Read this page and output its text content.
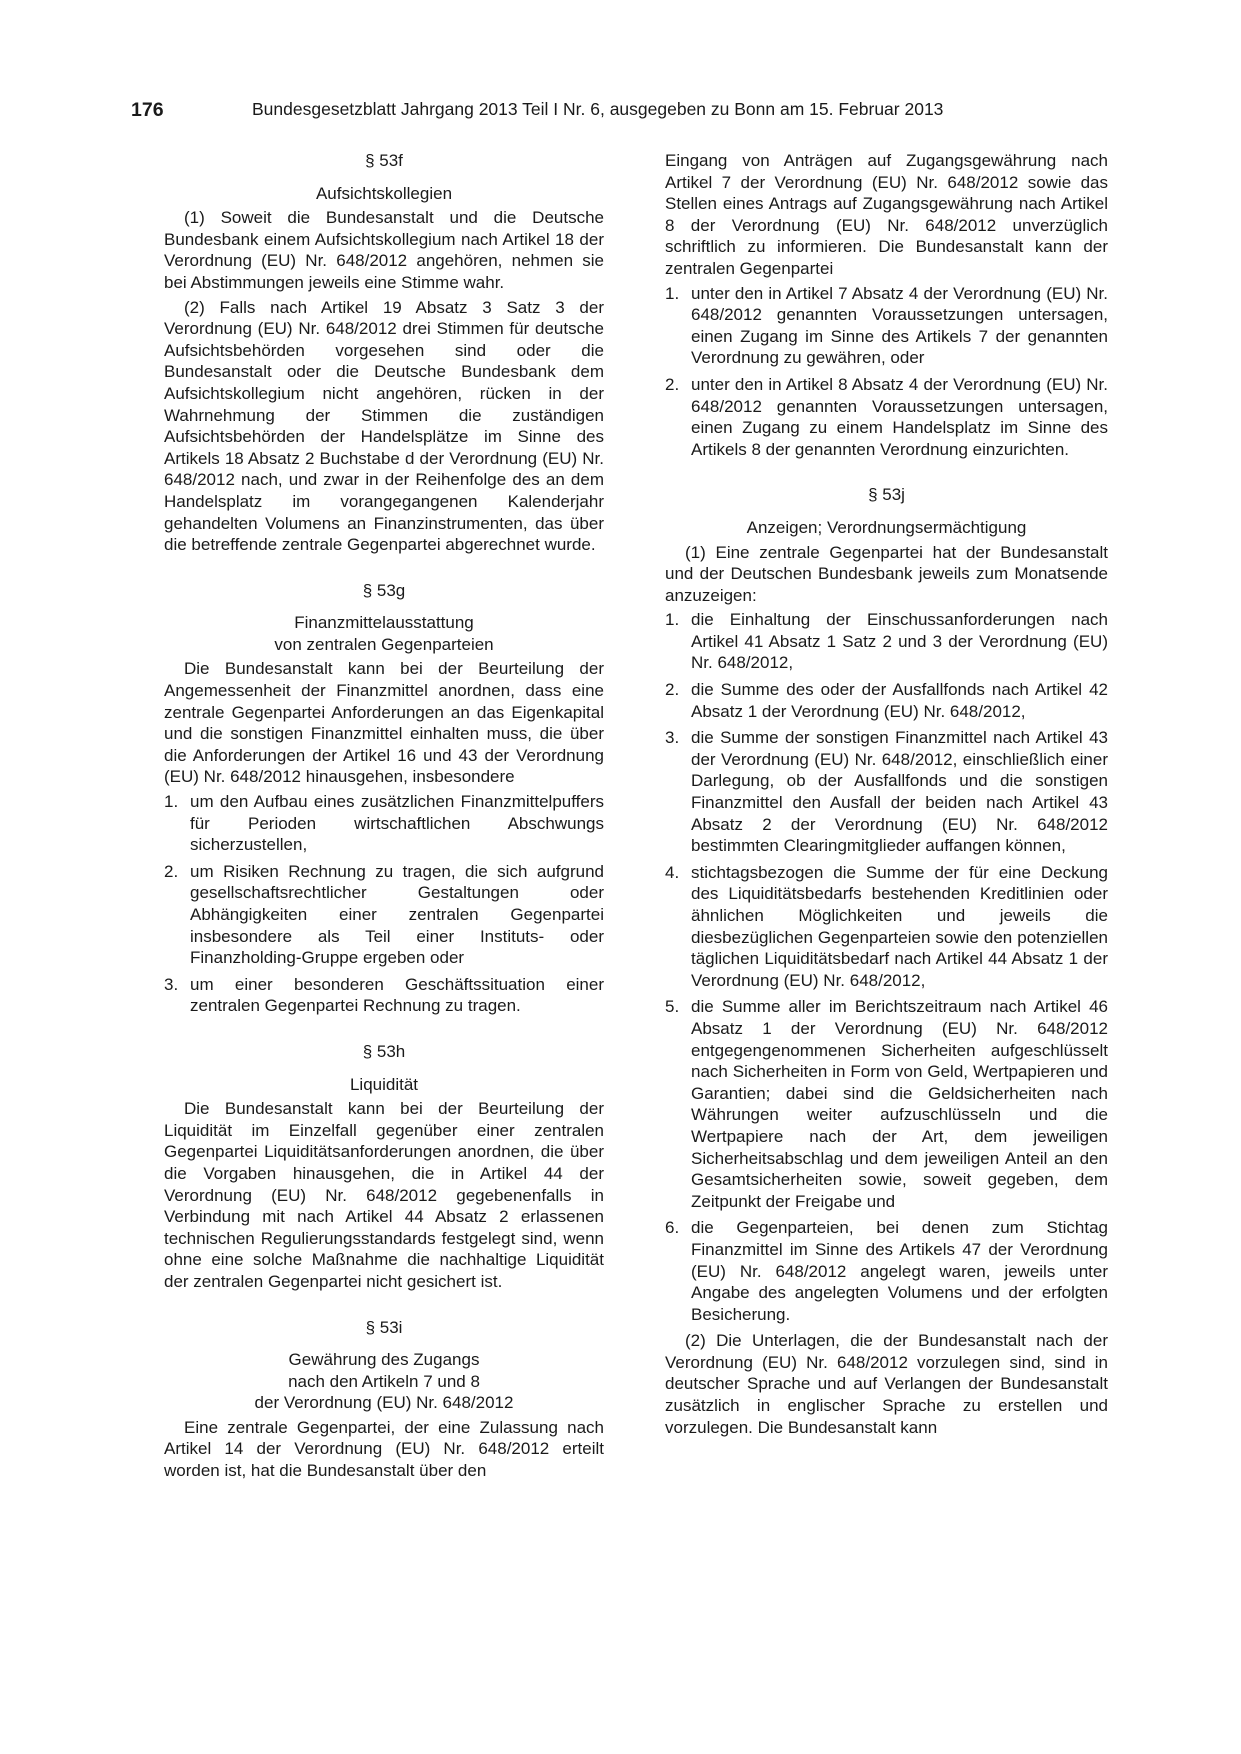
176	Bundesgesetzblatt Jahrgang 2013 Teil I Nr. 6, ausgegeben zu Bonn am 15. Februar 2013

§ 53f

Aufsichtskollegien

(1) Soweit die Bundesanstalt und die Deutsche Bundesbank einem Aufsichtskollegium nach Artikel 18 der Verordnung (EU) Nr. 648/2012 angehören, nehmen sie bei Abstimmungen jeweils eine Stimme wahr.

(2) Falls nach Artikel 19 Absatz 3 Satz 3 der Verordnung (EU) Nr. 648/2012 drei Stimmen für deutsche Aufsichtsbehörden vorgesehen sind oder die Bundesanstalt oder die Deutsche Bundesbank dem Aufsichtskollegium nicht angehören, rücken in der Wahrnehmung der Stimmen die zuständigen Aufsichtsbehörden der Handelsplätze im Sinne des Artikels 18 Absatz 2 Buchstabe d der Verordnung (EU) Nr. 648/2012 nach, und zwar in der Reihenfolge des an dem Handelsplatz im vorangegangenen Kalenderjahr gehandelten Volumens an Finanzinstrumenten, das über die betreffende zentrale Gegenpartei abgerechnet wurde.

§ 53g

Finanzmittelausstattung

von zentralen Gegenparteien

Die Bundesanstalt kann bei der Beurteilung der Angemessenheit der Finanzmittel anordnen, dass eine zentrale Gegenpartei Anforderungen an das Eigenkapital und die sonstigen Finanzmittel einhalten muss, die über die Anforderungen der Artikel 16 und 43 der Verordnung (EU) Nr. 648/2012 hinausgehen, insbesondere

1. um den Aufbau eines zusätzlichen Finanzmittelpuffers für Perioden wirtschaftlichen Abschwungs sicherzustellen,
2. um Risiken Rechnung zu tragen, die sich aufgrund gesellschaftsrechtlicher Gestaltungen oder Abhängigkeiten einer zentralen Gegenpartei insbesondere als Teil einer Instituts- oder Finanzholding-Gruppe ergeben oder
3. um einer besonderen Geschäftssituation einer zentralen Gegenpartei Rechnung zu tragen.

§ 53h

Liquidität

Die Bundesanstalt kann bei der Beurteilung der Liquidität im Einzelfall gegenüber einer zentralen Gegenpartei Liquiditätsanforderungen anordnen, die über die Vorgaben hinausgehen, die in Artikel 44 der Verordnung (EU) Nr. 648/2012 gegebenenfalls in Verbindung mit nach Artikel 44 Absatz 2 erlassenen technischen Regulierungsstandards festgelegt sind, wenn ohne eine solche Maßnahme die nachhaltige Liquidität der zentralen Gegenpartei nicht gesichert ist.

§ 53i

Gewährung des Zugangs

nach den Artikeln 7 und 8

der Verordnung (EU) Nr. 648/2012

Eine zentrale Gegenpartei, der eine Zulassung nach Artikel 14 der Verordnung (EU) Nr. 648/2012 erteilt worden ist, hat die Bundesanstalt über den

Eingang von Anträgen auf Zugangsgewährung nach Artikel 7 der Verordnung (EU) Nr. 648/2012 sowie das Stellen eines Antrags auf Zugangsgewährung nach Artikel 8 der Verordnung (EU) Nr. 648/2012 unverzüglich schriftlich zu informieren. Die Bundesanstalt kann der zentralen Gegenpartei

1. unter den in Artikel 7 Absatz 4 der Verordnung (EU) Nr. 648/2012 genannten Voraussetzungen untersagen, einen Zugang im Sinne des Artikels 7 der genannten Verordnung zu gewähren, oder
2. unter den in Artikel 8 Absatz 4 der Verordnung (EU) Nr. 648/2012 genannten Voraussetzungen untersagen, einen Zugang zu einem Handelsplatz im Sinne des Artikels 8 der genannten Verordnung einzurichten.

§ 53j

Anzeigen; Verordnungsermächtigung

(1) Eine zentrale Gegenpartei hat der Bundesanstalt und der Deutschen Bundesbank jeweils zum Monatsende anzuzeigen:

1. die Einhaltung der Einschussanforderungen nach Artikel 41 Absatz 1 Satz 2 und 3 der Verordnung (EU) Nr. 648/2012,
2. die Summe des oder der Ausfallfonds nach Artikel 42 Absatz 1 der Verordnung (EU) Nr. 648/2012,
3. die Summe der sonstigen Finanzmittel nach Artikel 43 der Verordnung (EU) Nr. 648/2012, einschließlich einer Darlegung, ob der Ausfallfonds und die sonstigen Finanzmittel den Ausfall der beiden nach Artikel 43 Absatz 2 der Verordnung (EU) Nr. 648/2012 bestimmten Clearingmitglieder auffangen können,
4. stichtagsbezogen die Summe der für eine Deckung des Liquiditätsbedarfs bestehenden Kreditlinien oder ähnlichen Möglichkeiten und jeweils die diesbezüglichen Gegenparteien sowie den potenziellen täglichen Liquiditätsbedarf nach Artikel 44 Absatz 1 der Verordnung (EU) Nr. 648/2012,
5. die Summe aller im Berichtszeitraum nach Artikel 46 Absatz 1 der Verordnung (EU) Nr. 648/2012 entgegengenommenen Sicherheiten aufgeschlüsselt nach Sicherheiten in Form von Geld, Wertpapieren und Garantien; dabei sind die Geldsicherheiten nach Währungen weiter aufzuschlüsseln und die Wertpapiere nach der Art, dem jeweiligen Sicherheitsabschlag und dem jeweiligen Anteil an den Gesamtsicherheiten sowie, soweit gegeben, dem Zeitpunkt der Freigabe und
6. die Gegenparteien, bei denen zum Stichtag Finanzmittel im Sinne des Artikels 47 der Verordnung (EU) Nr. 648/2012 angelegt waren, jeweils unter Angabe des angelegten Volumens und der erfolgten Besicherung.

(2) Die Unterlagen, die der Bundesanstalt nach der Verordnung (EU) Nr. 648/2012 vorzulegen sind, sind in deutscher Sprache und auf Verlangen der Bundesanstalt zusätzlich in englischer Sprache zu erstellen und vorzulegen. Die Bundesanstalt kann
